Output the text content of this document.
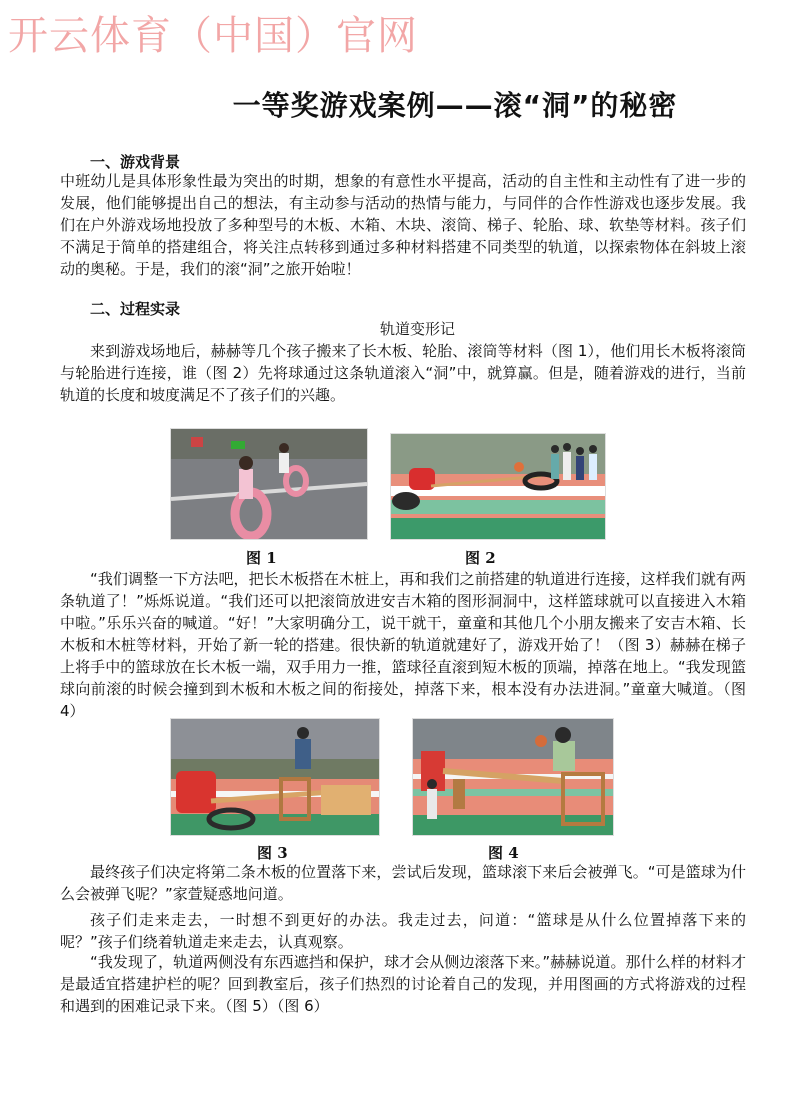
开云体育（中国）官网
一等奖游戏案例——滚“洞”的秘密
一、游戏背景
中班幼儿是具体形象性最为突出的时期，想象的有意性水平提高，活动的自主性和主动性有了进一步的发展，他们能够提出自己的想法，有主动参与活动的热情与能力，与同伴的合作性游戏也逐步发展。我们在户外游戏场地投放了多种型号的木板、木箱、木块、滚筒、梯子、轮胎、球、软垫等材料。孩子们不满足于简单的搭建组合，将关注点转移到通过多种材料搭建不同类型的轨道，以探索物体在斜坡上滚动的奥秘。于是，我们的滚“洞”之旅开始啦！
二、过程实录
轨道变形记
来到游戏场地后，赫赫等几个孩子搬来了长木板、轮胎、滚筒等材料（图 1），他们用长木板将滚筒与轮胎进行连接，谁（图 2）先将球通过这条轨道滚入“洞”中，就算赢。但是，随着游戏的进行，当前轨道的长度和坡度满足不了孩子们的兴趣。
图 1	图 2
“我们调整一下方法吧，把长木板搭在木桩上，再和我们之前搭建的轨道进行连接，这样我们就有两条轨道了！”烁烁说道。“我们还可以把滚筒放进安吉木箱的图形洞洞中，这样篮球就可以直接进入木箱中啦。”乐乐兴奋的喊道。“好！”大家明确分工，说干就干，童童和其他几个小朋友搬来了安吉木箱、长木板和木桩等材料，开始了新一轮的搭建。很快新的轨道就建好了，游戏开始了！（图 3）赫赫在梯子上将手中的篮球放在长木板一端，双手用力一推，篮球径直滚到短木板的顶端，掉落在地上。“我发现篮球向前滚的时候会撞到到木板和木板之间的衔接处，掉落下来，根本没有办法进洞。”童童大喊道。（图 4）
图 3	图 4
最终孩子们决定将第二条木板的位置落下来，尝试后发现，篮球滚下来后会被弹飞。“可是篮球为什么会被弹飞呢？”家萱疑惑地问道。
孩子们走来走去，一时想不到更好的办法。我走过去，问道：“篮球是从什么位置掉落下来的呢？”孩子们绕着轨道走来走去，认真观察。
“我发现了，轨道两侧没有东西遮挡和保护，球才会从侧边滚落下来。”赫赫说道。那什么样的材料才是最适宜搭建护栏的呢？回到教室后，孩子们热烈的讨论着自己的发现，并用图画的方式将游戏的过程和遇到的困难记录下来。（图 5）（图 6）
